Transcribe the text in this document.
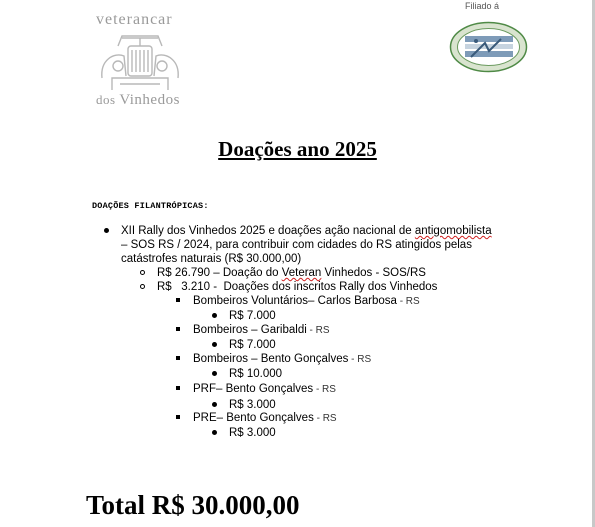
veterancar
dos Vinhedos
Filiado á
Doações ano 2025
DOAÇÕES FILANTRÓPICAS:
XII Rally dos Vinhedos 2025 e doações ação nacional de antigomobilista
– SOS RS / 2024, para contribuir com cidades do RS atingidos pelas
catástrofes naturais (R$ 30.000,00)
R$ 26.790 – Doação do Veteran Vinhedos - SOS/RS
R$   3.210 -  Doações dos inscritos Rally dos Vinhedos
Bombeiros Voluntários– Carlos Barbosa - RS
R$ 7.000
Bombeiros – Garibaldi - RS
R$ 7.000
Bombeiros – Bento Gonçalves - RS
R$ 10.000
PRF– Bento Gonçalves - RS
R$ 3.000
PRE– Bento Gonçalves - RS
R$ 3.000
Total R$ 30.000,00
